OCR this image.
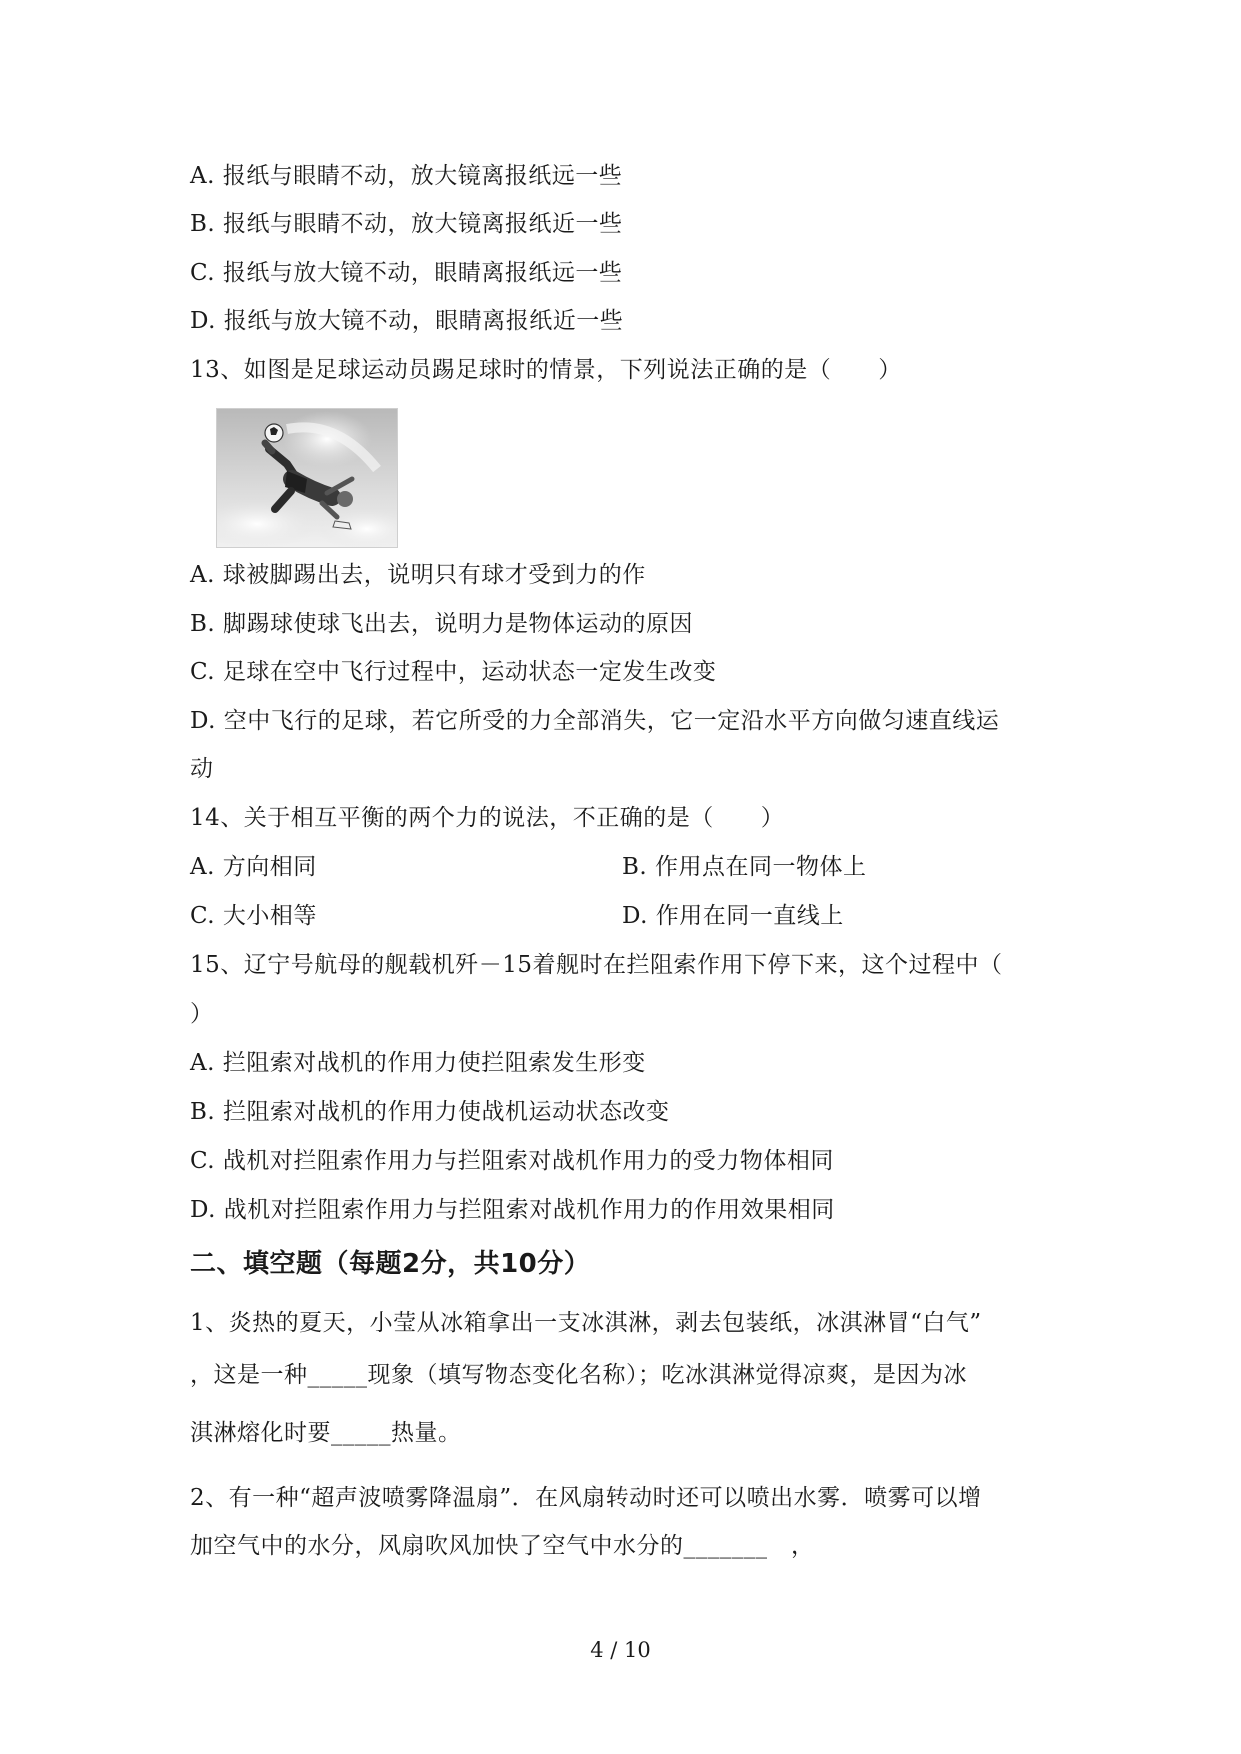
A. 报纸与眼睛不动，放大镜离报纸远一些
B. 报纸与眼睛不动，放大镜离报纸近一些
C. 报纸与放大镜不动，眼睛离报纸远一些
D. 报纸与放大镜不动，眼睛离报纸近一些
13、如图是足球运动员踢足球时的情景，下列说法正确的是（　　）
A. 球被脚踢出去，说明只有球才受到力的作
B. 脚踢球使球飞出去，说明力是物体运动的原因
C. 足球在空中飞行过程中，运动状态一定发生改变
D. 空中飞行的足球，若它所受的力全部消失，它一定沿水平方向做匀速直线运
动
14、关于相互平衡的两个力的说法，不正确的是（　　）
A. 方向相同	B. 作用点在同一物体上
C. 大小相等	D. 作用在同一直线上
15、辽宁号航母的舰载机歼－15着舰时在拦阻索作用下停下来，这个过程中（
）
A. 拦阻索对战机的作用力使拦阻索发生形变
B. 拦阻索对战机的作用力使战机运动状态改变
C. 战机对拦阻索作用力与拦阻索对战机作用力的受力物体相同
D. 战机对拦阻索作用力与拦阻索对战机作用力的作用效果相同
二、填空题（每题2分，共10分）
1、炎热的夏天，小莹从冰箱拿出一支冰淇淋，剥去包装纸，冰淇淋冒“白气”
，这是一种_____现象（填写物态变化名称）；吃冰淇淋觉得凉爽，是因为冰
淇淋熔化时要_____热量。
2、有一种“超声波喷雾降温扇”．在风扇转动时还可以喷出水雾．喷雾可以增
加空气中的水分，风扇吹风加快了空气中水分的_______　，
4 / 10
